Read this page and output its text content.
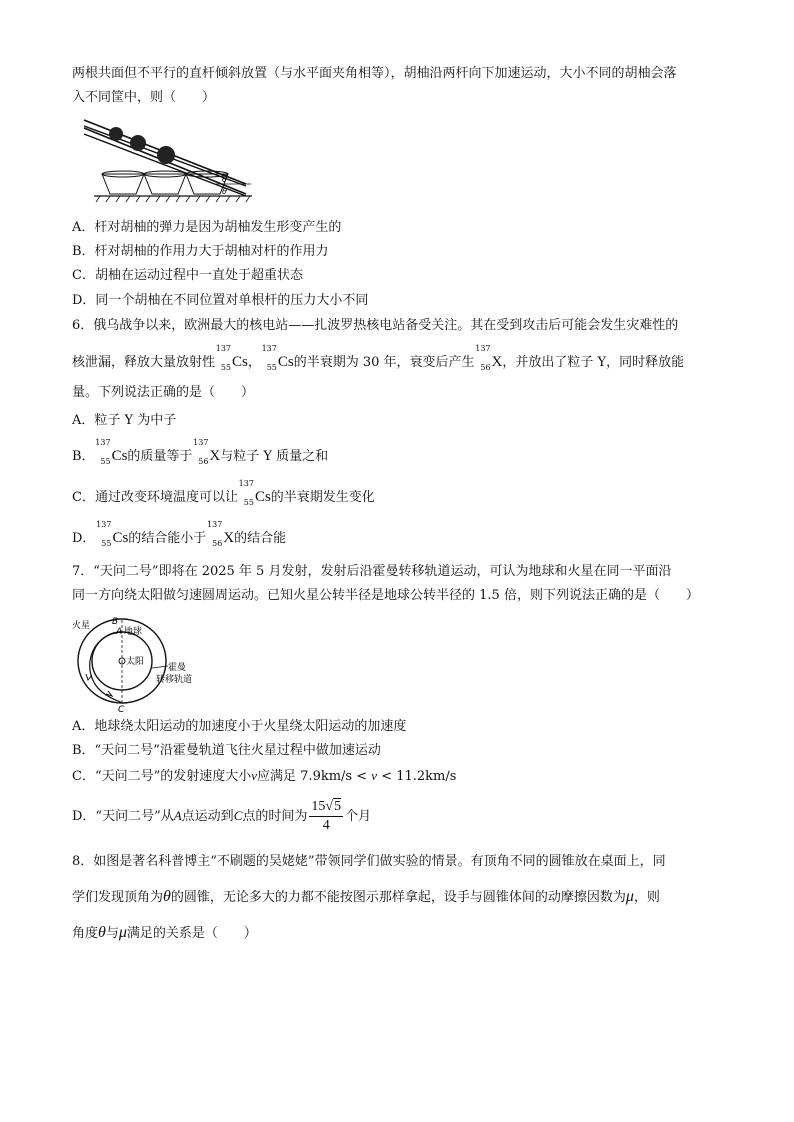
两根共面但不平行的直杆倾斜放置（与水平面夹角相等），胡柚沿两杆向下加速运动，大小不同的胡柚会落
入不同筐中，则（　　）
θ
θ
A．杆对胡柚的弹力是因为胡柚发生形变产生的
B．杆对胡柚的作用力大于胡柚对杆的作用力
C．胡柚在运动过程中一直处于超重状态
D．同一个胡柚在不同位置对单根杆的压力大小不同
6．俄乌战争以来，欧洲最大的核电站——扎波罗热核电站备受关注。其在受到攻击后可能会发生灾难性的
核泄漏，释放大量放射性
137
55 Cs，
137
55 Cs的半衰期为 30 年，衰变后产生
137
56 X，并放出了粒子 Y，同时释放能
量。下列说法正确的是（　　）
A．粒子 Y 为中子
B．
137
55 Cs的质量等于
137
56 X与粒子 Y 质量之和
C．通过改变环境温度可以让
137
55 Cs的半衰期发生变化
D．
137
55 Cs的结合能小于
137
56 X的结合能
7．“天问二号”即将在 2025 年 5 月发射，发射后沿霍曼转移轨道运动，可认为地球和火星在同一平面沿
同一方向绕太阳做匀速圆周运动。已知火星公转半径是地球公转半径的 1.5 倍，则下列说法正确的是（　　）
火星 B
A 地球
太阳
霍曼
转移轨道
C
A．地球绕太阳运动的加速度小于火星绕太阳运动的加速度
B．“天问二号”沿霍曼轨道飞往火星过程中做加速运动
C．“天问二号”的发射速度大小v应满足 7.9km/s < v < 11.2km/s
D．“天问二号”从A点运动到C点的时间为 $\frac{15√5}{4}$ 个月
8．如图是著名科普博主“不刷题的吴姥姥”带领同学们做实验的情景。有顶角不同的圆锥放在桌面上，同
学们发现顶角为θ的圆锥，无论多大的力都不能按图示那样拿起，设手与圆锥体间的动摩擦因数为μ，则
角度θ与μ满足的关系是（　　）
